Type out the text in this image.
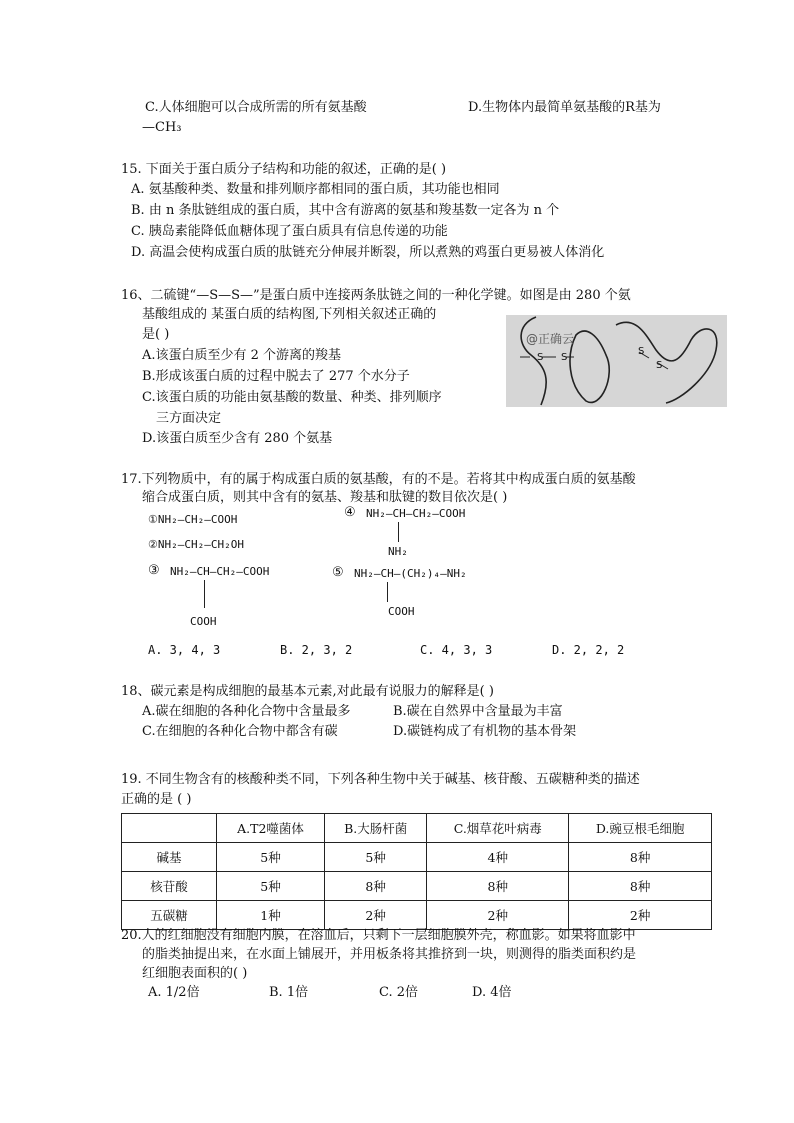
C.人体细胞可以合成所需的所有氨基酸	D.生物体内最简单氨基酸的R基为
—CH₃
15. 下面关于蛋白质分子结构和功能的叙述，正确的是( )
A. 氨基酸种类、数量和排列顺序都相同的蛋白质，其功能也相同
B. 由 n 条肽链组成的蛋白质，其中含有游离的氨基和羧基数一定各为 n 个
C. 胰岛素能降低血糖体现了蛋白质具有信息传递的功能
D. 高温会使构成蛋白质的肽链充分伸展并断裂，所以煮熟的鸡蛋白更易被人体消化
16、二硫键“—S—S—”是蛋白质中连接两条肽链之间的一种化学键。如图是由 280 个氨
基酸组成的 某蛋白质的结构图,下列相关叙述正确的
是( )
A.该蛋白质至少有 2 个游离的羧基
B.形成该蛋白质的过程中脱去了 277 个水分子
C.该蛋白质的功能由氨基酸的数量、种类、排列顺序
三方面决定
D.该蛋白质至少含有 280 个氨基
@正确云
S S
S
S
17.下列物质中，有的属于构成蛋白质的氨基酸，有的不是。若将其中构成蛋白质的氨基酸
缩合成蛋白质，则其中含有的氨基、羧基和肽键的数目依次是( )
①NH₂—CH₂—COOH
②NH₂—CH₂—CH₂OH
③ NH₂—CH—CH₂—COOH
COOH
④ NH₂—CH—CH₂—COOH
NH₂
⑤ NH₂—CH—(CH₂)₄—NH₂
COOH
A. 3, 4, 3	B. 2, 3, 2	C. 4, 3, 3	D. 2, 2, 2
18、碳元素是构成细胞的最基本元素,对此最有说服力的解释是( )
A.碳在细胞的各种化合物中含量最多	B.碳在自然界中含量最为丰富
C.在细胞的各种化合物中都含有碳	D.碳链构成了有机物的基本骨架
19. 不同生物含有的核酸种类不同，下列各种生物中关于碱基、核苷酸、五碳糖种类的描述
正确的是 ( )
	A.T2噬菌体	B.大肠杆菌	C.烟草花叶病毒	D.豌豆根毛细胞
碱基	5种	5种	4种	8种
核苷酸	5种	8种	8种	8种
五碳糖	1种	2种	2种	2种
20.人的红细胞没有细胞内膜，在溶血后，只剩下一层细胞膜外壳，称血影。如果将血影中
的脂类抽提出来，在水面上铺展开，并用板条将其推挤到一块，则测得的脂类面积约是
红细胞表面积的( )
A. 1/2倍	B. 1倍	C. 2倍	D. 4倍
